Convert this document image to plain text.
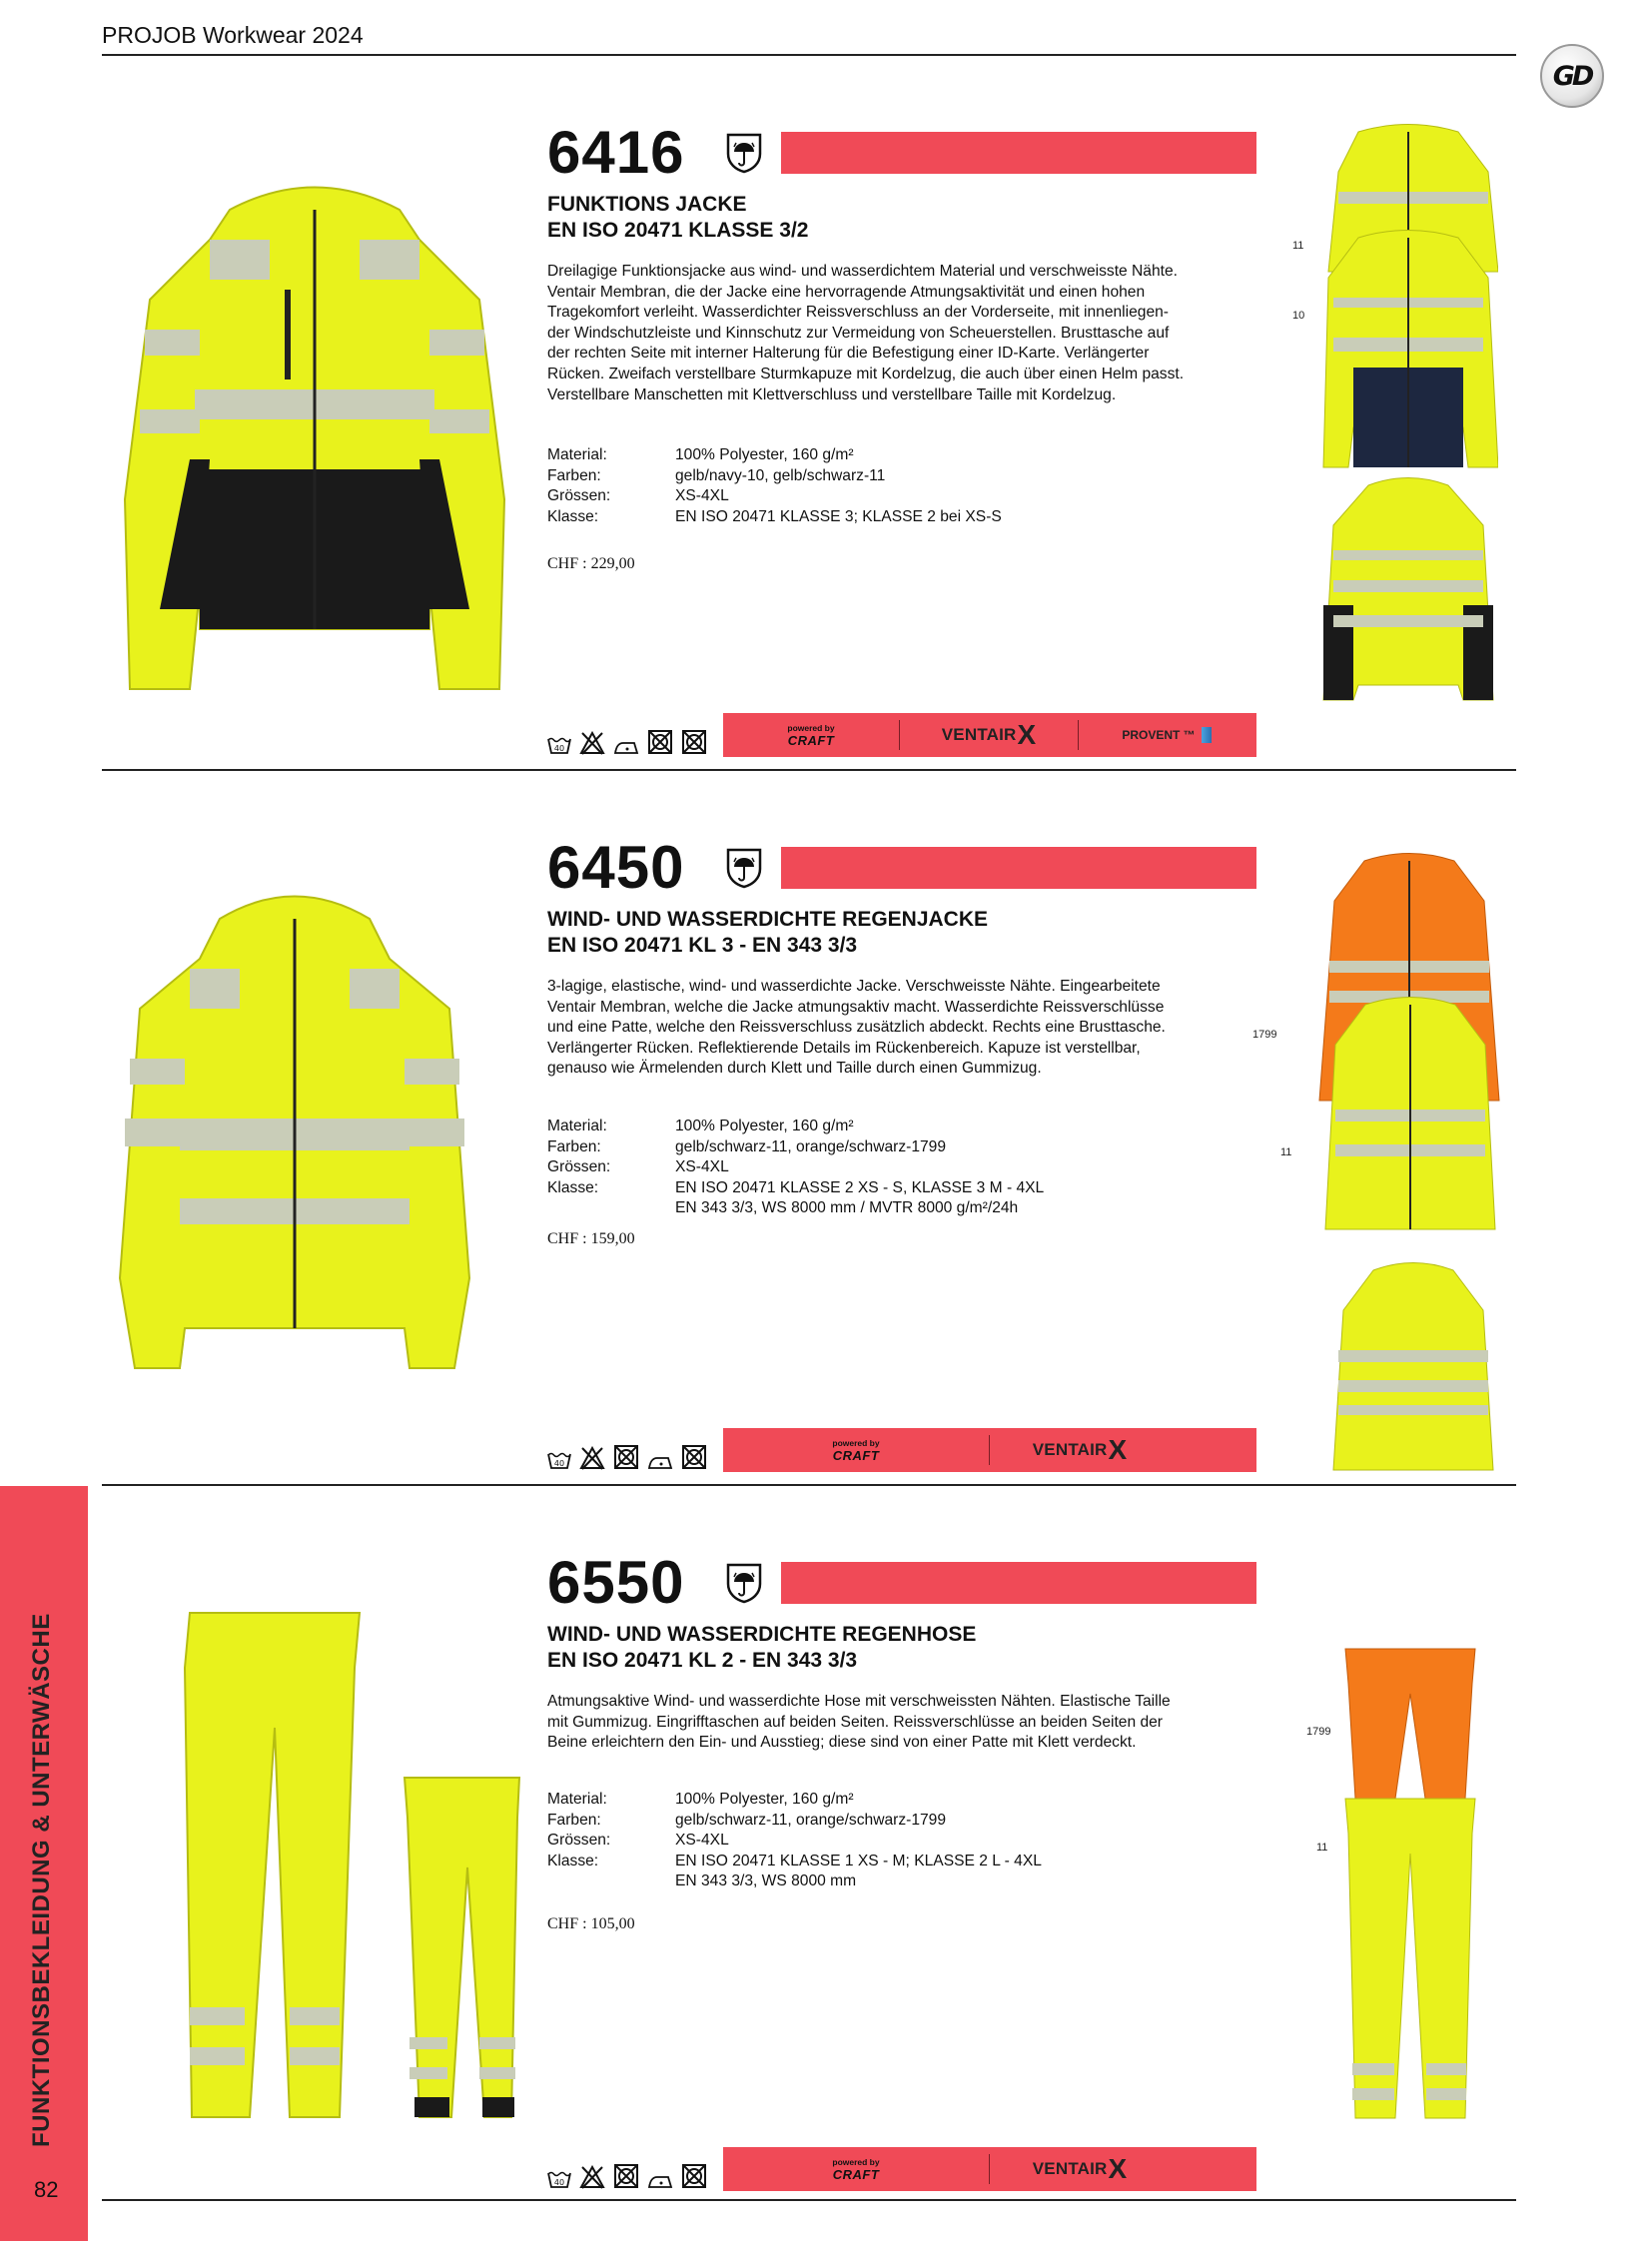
PROJOB Workwear 2024
GD
FUNKTIONSBEKLEIDUNG & UNTERWÄSCHE
82
6416
FUNKTIONS JACKE
EN ISO 20471 KLASSE 3/2
Dreilagige Funktionsjacke aus wind- und wasserdichtem Material und verschweisste Nähte.
Ventair Membran, die der Jacke eine hervorragende Atmungsaktivität und einen hohen
Tragekomfort verleiht. Wasserdichter Reissverschluss an der Vorderseite, mit innenliegen-
der Windschutzleiste und Kinnschutz zur Vermeidung von Scheuerstellen. Brusttasche auf
der rechten Seite mit interner Halterung für die Befestigung einer ID-Karte. Verlängerter
Rücken. Zweifach verstellbare Sturmkapuze mit Kordelzug, die auch über einen Helm passt.
Verstellbare Manschetten mit Klettverschluss und verstellbare Taille mit Kordelzug.
Material:	100% Polyester, 160 g/m²
Farben:	gelb/navy-10, gelb/schwarz-11
Grössen:	XS-4XL
Klasse:	EN ISO 20471 KLASSE 3; KLASSE 2 bei XS-S
CHF : 229,00
40
powered by
CRAFT	VENTAIR X	PROVENT ™
11
10
6450
WIND- UND WASSERDICHTE REGENJACKE
EN ISO 20471 KL 3 - EN 343 3/3
3-lagige, elastische, wind- und wasserdichte Jacke. Verschweisste Nähte. Eingearbeitete
Ventair Membran, welche die Jacke atmungsaktiv macht. Wasserdichte Reissverschlüsse
und eine Patte, welche den Reissverschluss zusätzlich abdeckt. Rechts eine Brusttasche.
Verlängerter Rücken. Reflektierende Details im Rückenbereich. Kapuze ist verstellbar,
genauso wie Ärmelenden durch Klett und Taille durch einen Gummizug.
Material:	100% Polyester, 160 g/m²
Farben:	gelb/schwarz-11, orange/schwarz-1799
Grössen:	XS-4XL
Klasse:	EN ISO 20471 KLASSE 2 XS - S, KLASSE 3 M - 4XL
EN 343 3/3, WS 8000 mm / MVTR 8000 g/m²/24h
CHF : 159,00
40
powered by
CRAFT	VENTAIR X
1799
11
6550
WIND- UND WASSERDICHTE REGENHOSE
EN ISO 20471 KL 2 - EN 343 3/3
Atmungsaktive Wind- und wasserdichte Hose mit verschweissten Nähten. Elastische Taille
mit Gummizug. Eingrifftaschen auf beiden Seiten. Reissverschlüsse an beiden Seiten der
Beine erleichtern den Ein- und Ausstieg; diese sind von einer Patte mit Klett verdeckt.
Material:	100% Polyester, 160 g/m²
Farben:	gelb/schwarz-11, orange/schwarz-1799
Grössen:	XS-4XL
Klasse:	EN ISO 20471 KLASSE 1 XS - M; KLASSE 2 L - 4XL
EN 343 3/3, WS 8000 mm
CHF : 105,00
40
powered by
CRAFT	VENTAIR X
1799
11
